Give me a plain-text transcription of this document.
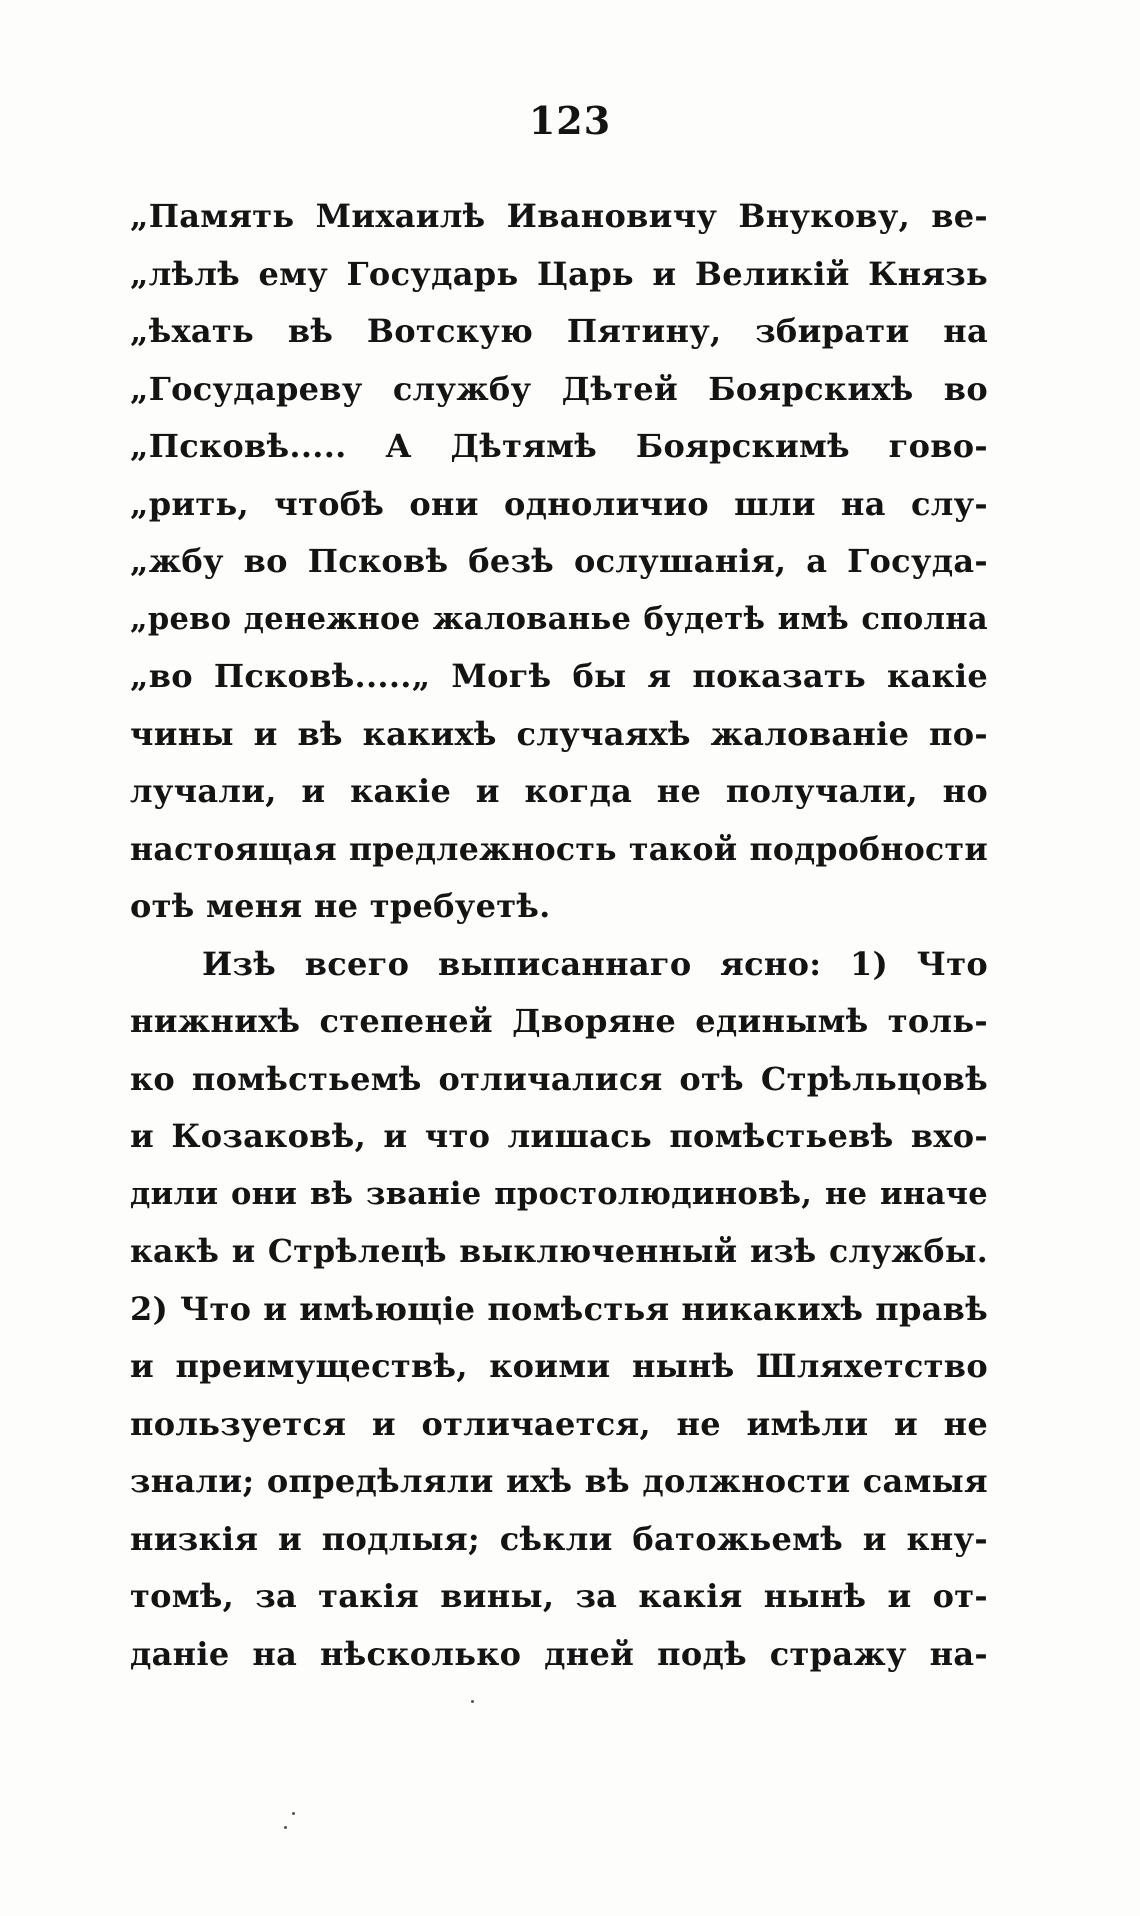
123
„Память Михаилѣ Ивановичу Внукову, ве-
„лѣлѣ ему Государь Царь и Великій Князь
„ѣхать вѣ Вотскую Пятину, збирати на
„Государеву службу Дѣтей Боярскихѣ во
„Псковѣ..... А Дѣтямѣ Боярскимѣ гово-
„рить, чтобѣ они одноличио шли на слу-
„жбу во Псковѣ безѣ ослушанія, а Госуда-
„рево денежное жалованье будетѣ имѣ сполна
„во Псковѣ.....„ Могѣ бы я показать какіе
чины и вѣ какихѣ случаяхѣ жалованіе по-
лучали, и какіе и когда не получали, но
настоящая предлежность такой подробности
отѣ меня не требуетѣ.
Изѣ всего выписаннаго ясно: 1) Что
нижнихѣ степеней Дворяне единымѣ толь-
ко помѣстьемѣ отличалися отѣ Стрѣльцовѣ
и Козаковѣ, и что лишась помѣстьевѣ вхо-
дили они вѣ званіе простолюдиновѣ, не иначе
какѣ и Стрѣлецѣ выключенный изѣ службы.
2) Что и имѣющіе помѣстья никакихѣ правѣ
и преимуществѣ, коими нынѣ Шляхетство
пользуется и отличается, не имѣли и не
знали; опредѣляли ихѣ вѣ должности самыя
низкія и подлыя; сѣкли батожьемѣ и кну-
томѣ, за такія вины, за какія нынѣ и от-
даніе на нѣсколько дней подѣ стражу на-
